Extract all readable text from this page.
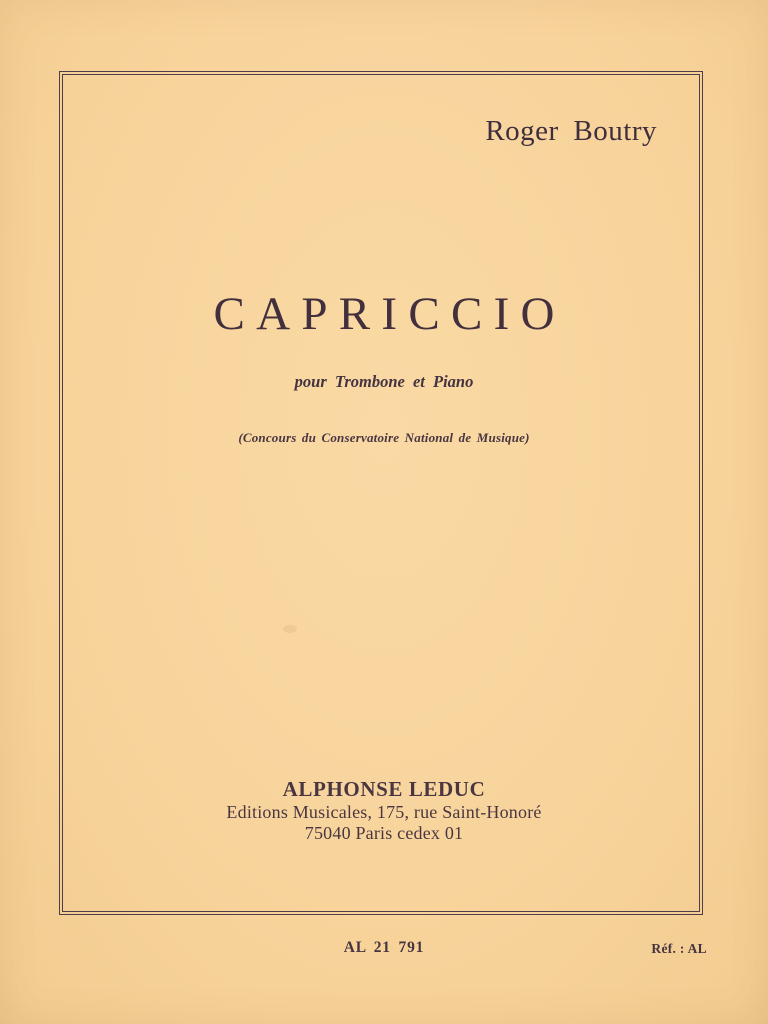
Roger Boutry
CAPRICCIO
pour Trombone et Piano
(Concours du Conservatoire National de Musique)
ALPHONSE LEDUC
Editions Musicales, 175, rue Saint-Honoré
75040 Paris cedex 01
AL 21 791	Réf. : AL
